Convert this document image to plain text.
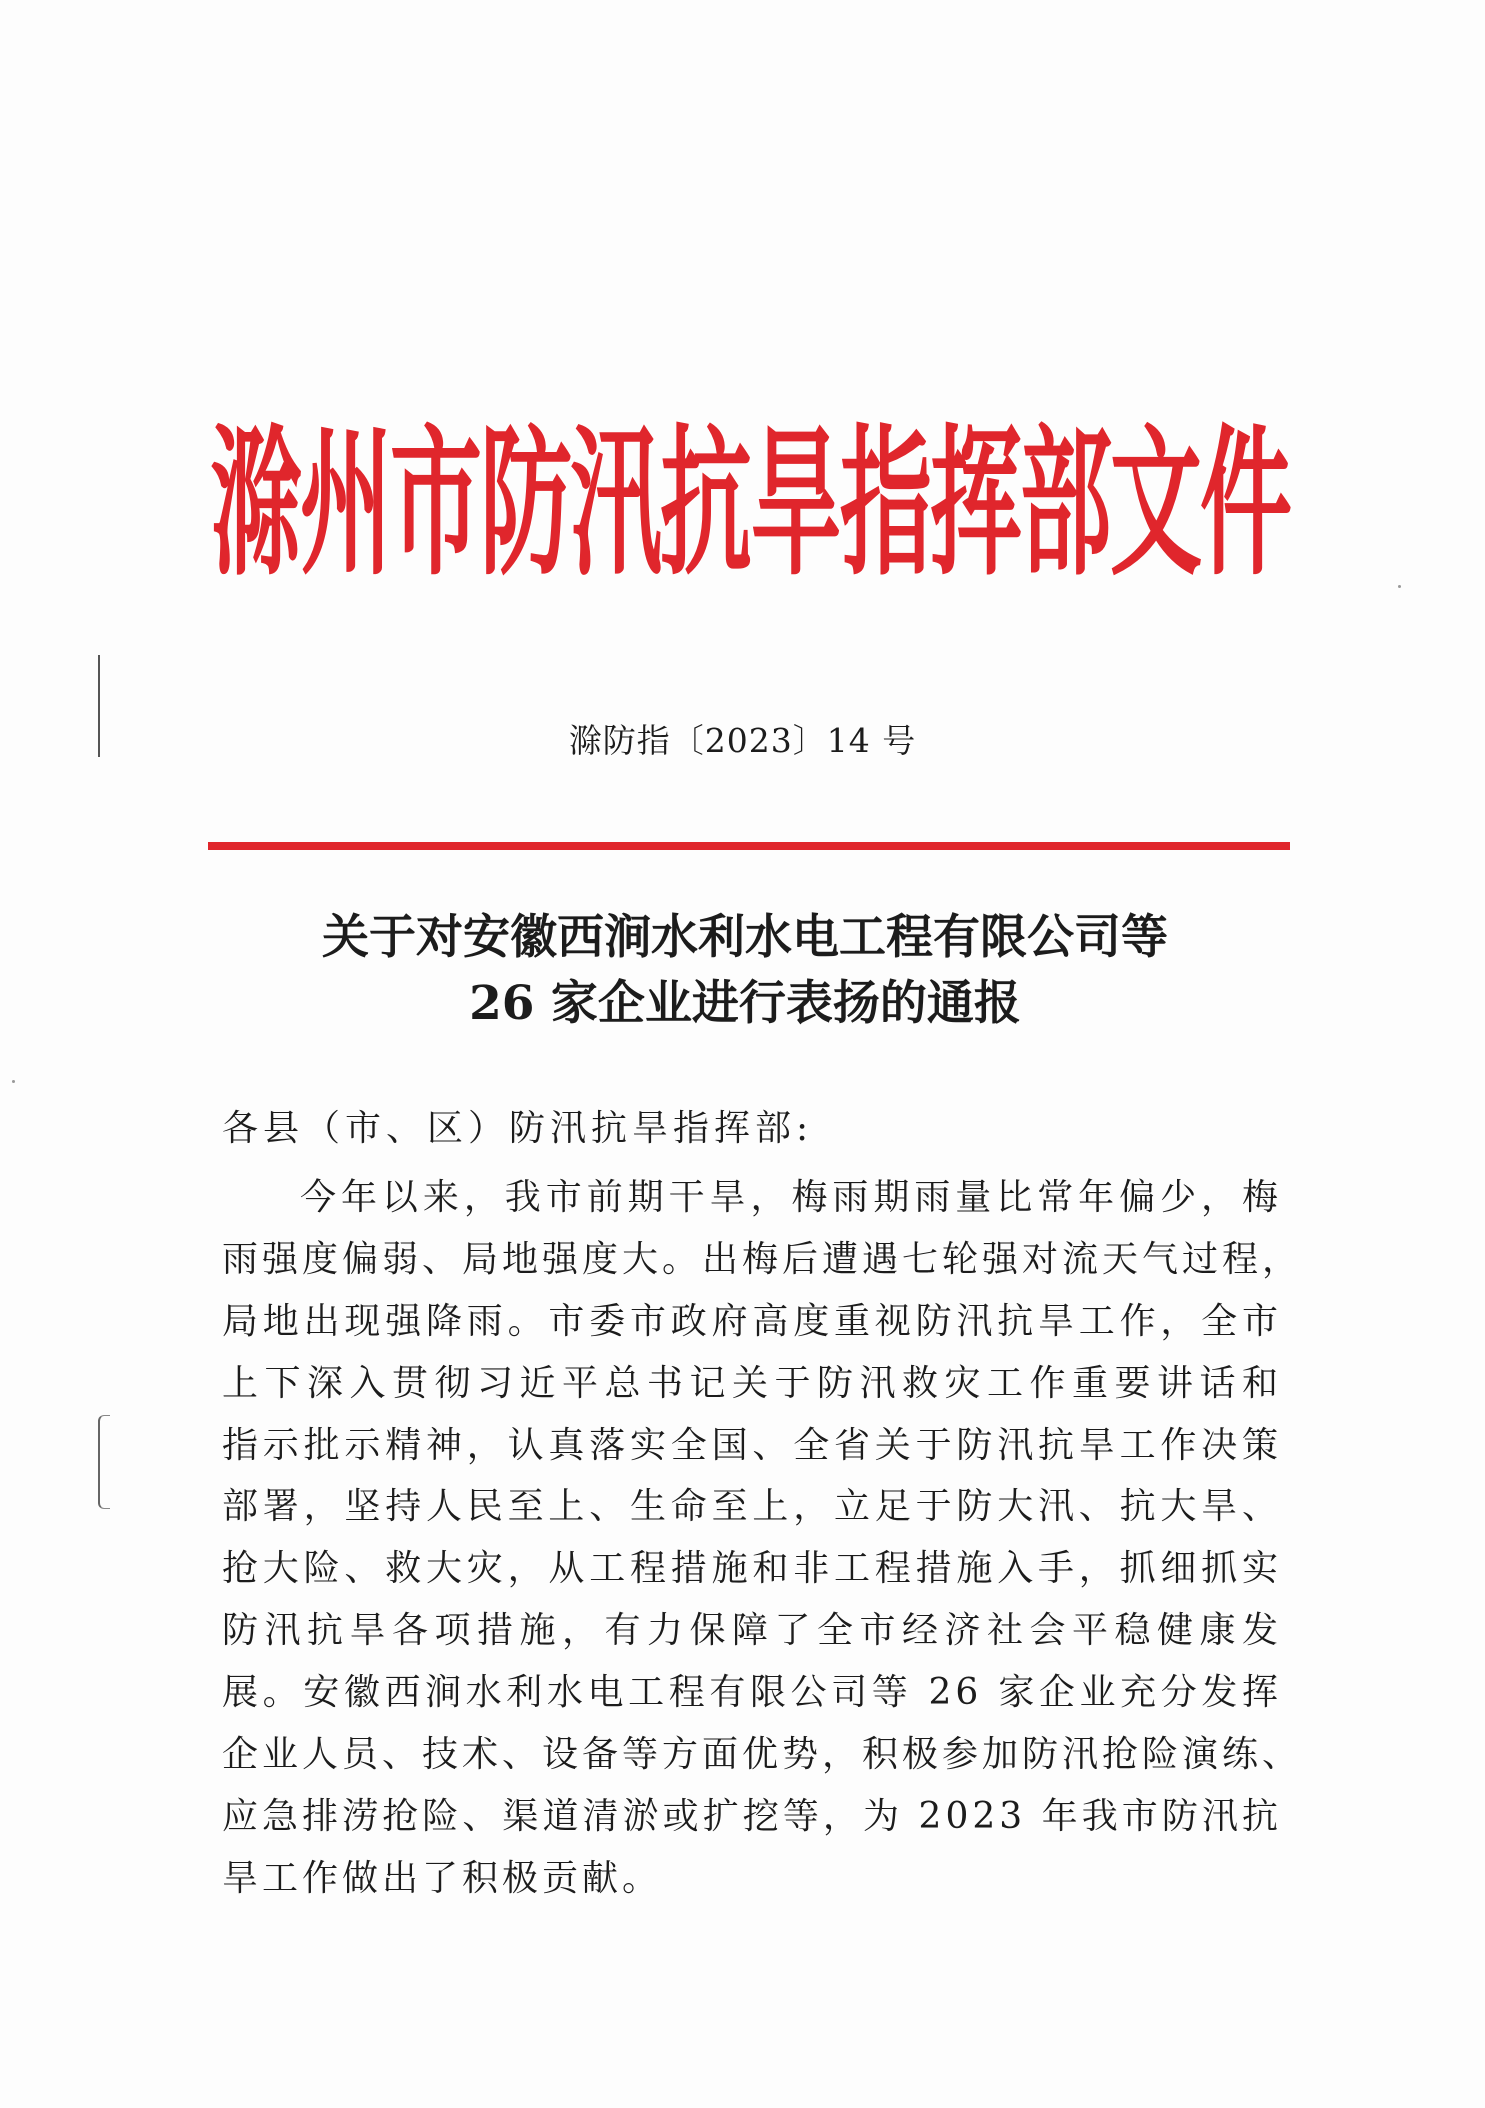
滁州市防汛抗旱指挥部文件
滁防指〔2023〕14 号
关于对安徽西涧水利水电工程有限公司等
26 家企业进行表扬的通报
各县（市、区）防汛抗旱指挥部:
今年以来，我市前期干旱，梅雨期雨量比常年偏少，梅
雨强度偏弱、局地强度大。出梅后遭遇七轮强对流天气过程，
局地出现强降雨。市委市政府高度重视防汛抗旱工作，全市
上下深入贯彻习近平总书记关于防汛救灾工作重要讲话和
指示批示精神，认真落实全国、全省关于防汛抗旱工作决策
部署，坚持人民至上、生命至上，立足于防大汛、抗大旱、
抢大险、救大灾，从工程措施和非工程措施入手，抓细抓实
防汛抗旱各项措施，有力保障了全市经济社会平稳健康发
展。安徽西涧水利水电工程有限公司等 26 家企业充分发挥
企业人员、技术、设备等方面优势，积极参加防汛抢险演练、
应急排涝抢险、渠道清淤或扩挖等，为 2023 年我市防汛抗
旱工作做出了积极贡献。
